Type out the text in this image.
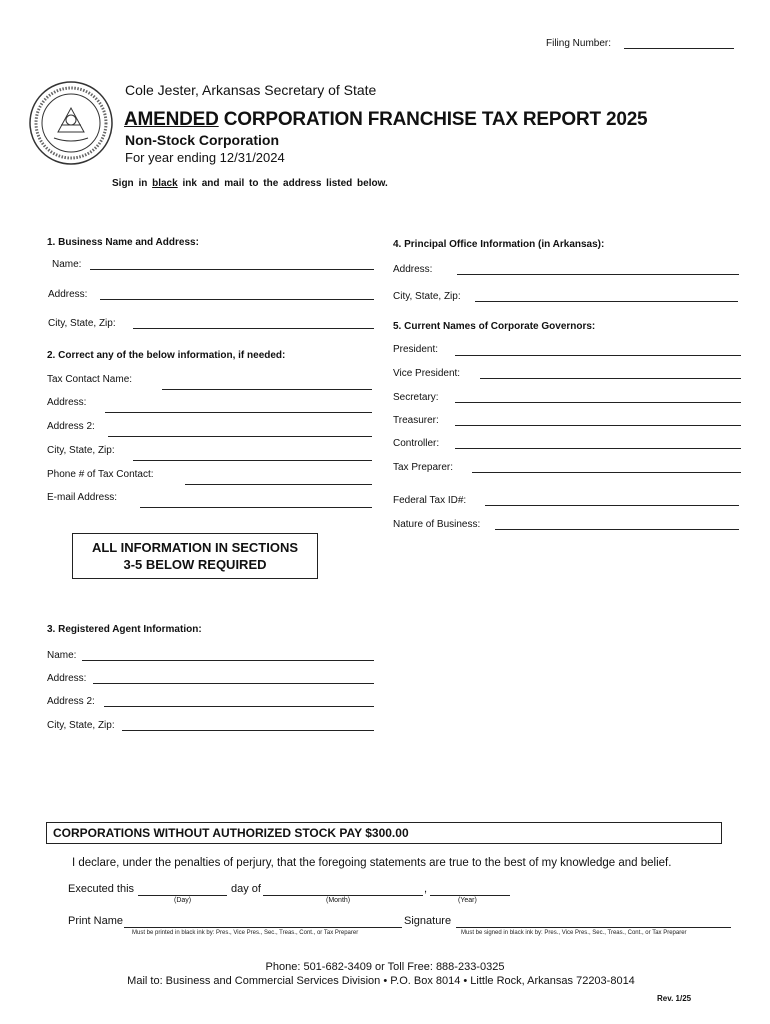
Filing Number:
Cole Jester, Arkansas Secretary of State
AMENDED CORPORATION FRANCHISE TAX REPORT 2025
Non-Stock Corporation
For year ending 12/31/2024
Sign in black ink and mail to the address listed below.
1. Business Name and Address:
Name:
Address:
City, State, Zip:
2. Correct any of the below information, if needed:
Tax Contact Name:
Address:
Address 2:
City, State, Zip:
Phone # of Tax Contact:
E-mail Address:
4. Principal Office Information (in Arkansas):
Address:
City, State, Zip:
5. Current Names of Corporate Governors:
President:
Vice President:
Secretary:
Treasurer:
Controller:
Tax Preparer:
Federal Tax ID#:
Nature of Business:
ALL INFORMATION IN SECTIONS
3-5 BELOW REQUIRED
3. Registered Agent Information:
Name:
Address:
Address 2:
City, State, Zip:
CORPORATIONS WITHOUT AUTHORIZED STOCK PAY $300.00
I declare, under the penalties of perjury, that the foregoing statements are true to the best of my knowledge and belief.
Executed this	day of	,
(Day)	(Month)	(Year)
Print Name	Signature
Must be printed in black ink by: Pres., Vice Pres., Sec., Treas., Cont., or Tax Preparer	Must be signed in black ink by: Pres., Vice Pres., Sec., Treas., Cont., or Tax Preparer
Phone: 501-682-3409 or Toll Free: 888-233-0325
Mail to: Business and Commercial Services Division • P.O. Box 8014 • Little Rock, Arkansas 72203-8014
Rev. 1/25
